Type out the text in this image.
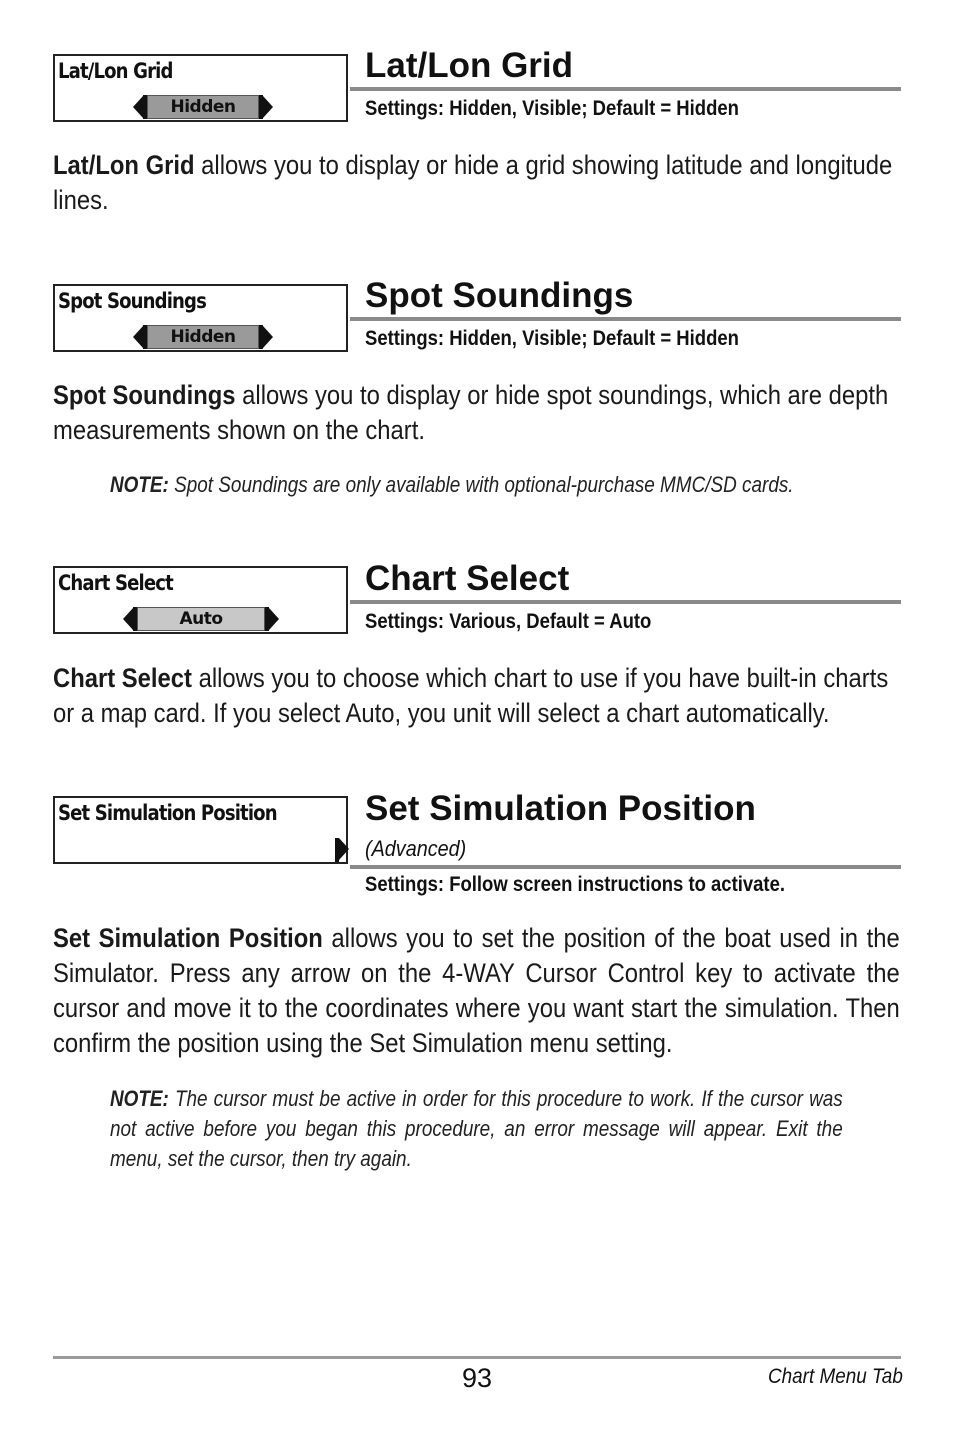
Lat/Lon Grid
Hidden
Lat/Lon Grid
Settings: Hidden, Visible; Default = Hidden
Lat/Lon Grid allows you to display or hide a grid showing latitude and longitude lines.
Spot Soundings
Hidden
Spot Soundings
Settings: Hidden, Visible; Default = Hidden
Spot Soundings allows you to display or hide spot soundings, which are depth measurements shown on the chart.
NOTE: Spot Soundings are only available with optional-purchase MMC/SD cards.
Chart Select
Auto
Chart Select
Settings: Various, Default = Auto
Chart Select allows you to choose which chart to use if you have built-in charts or a map card. If you select Auto, you unit will select a chart automatically.
Set Simulation Position	Set Simulation Position
(Advanced)
Settings: Follow screen instructions to activate.
Set Simulation Position allows you to set the position of the boat used in the Simulator. Press any arrow on the 4-WAY Cursor Control key to activate the cursor and move it to the coordinates where you want start the simulation. Then confirm the position using the Set Simulation menu setting.
NOTE: The cursor must be active in order for this procedure to work. If the cursor was not active before you began this procedure, an error message will appear. Exit the menu, set the cursor, then try again.
93	Chart Menu Tab
